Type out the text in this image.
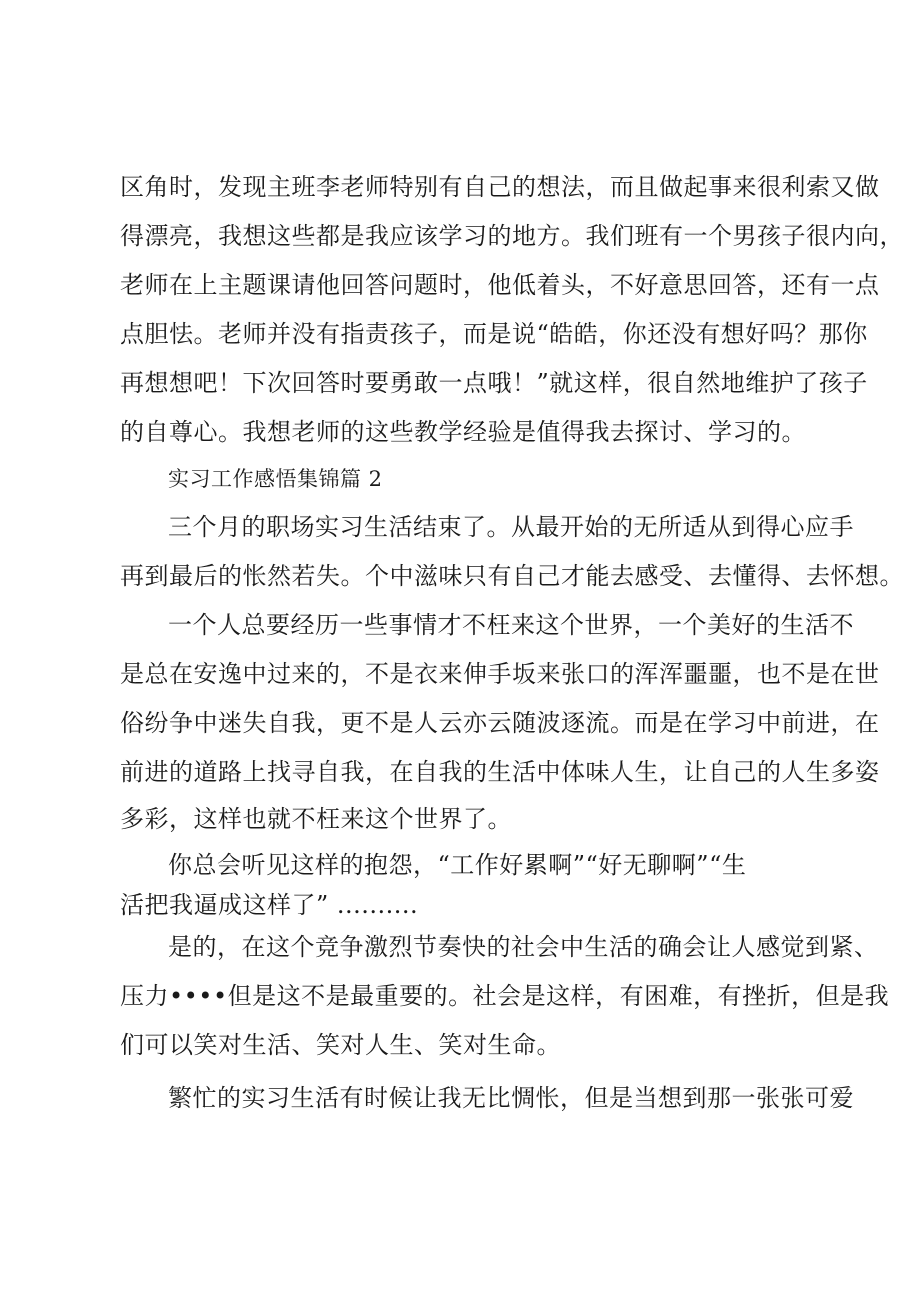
区角时，发现主班李老师特别有自己的想法，而且做起事来很利索又做
得漂亮，我想这些都是我应该学习的地方。我们班有一个男孩子很内向，
老师在上主题课请他回答问题时，他低着头，不好意思回答，还有一点
点胆怯。老师并没有指责孩子，而是说“皓皓，你还没有想好吗？那你
再想想吧！下次回答时要勇敢一点哦！”就这样，很自然地维护了孩子
的自尊心。我想老师的这些教学经验是值得我去探讨、学习的。
实习工作感悟集锦篇 2
三个月的职场实习生活结束了。从最开始的无所适从到得心应手
再到最后的怅然若失。个中滋味只有自己才能去感受、去懂得、去怀想。
一个人总要经历一些事情才不枉来这个世界，一个美好的生活不
是总在安逸中过来的，不是衣来伸手坂来张口的浑浑噩噩，也不是在世
俗纷争中迷失自我，更不是人云亦云随波逐流。而是在学习中前进，在
前进的道路上找寻自我，在自我的生活中体味人生，让自己的人生多姿
多彩，这样也就不枉来这个世界了。
你总会听见这样的抱怨，“工作好累啊”“好无聊啊”“生
活把我逼成这样了” ..........
是的，在这个竞争激烈节奏快的社会中生活的确会让人感觉到紧、
压力••••但是这不是最重要的。社会是这样，有困难，有挫折，但是我
们可以笑对生活、笑对人生、笑对生命。
繁忙的实习生活有时候让我无比惆怅，但是当想到那一张张可爱
